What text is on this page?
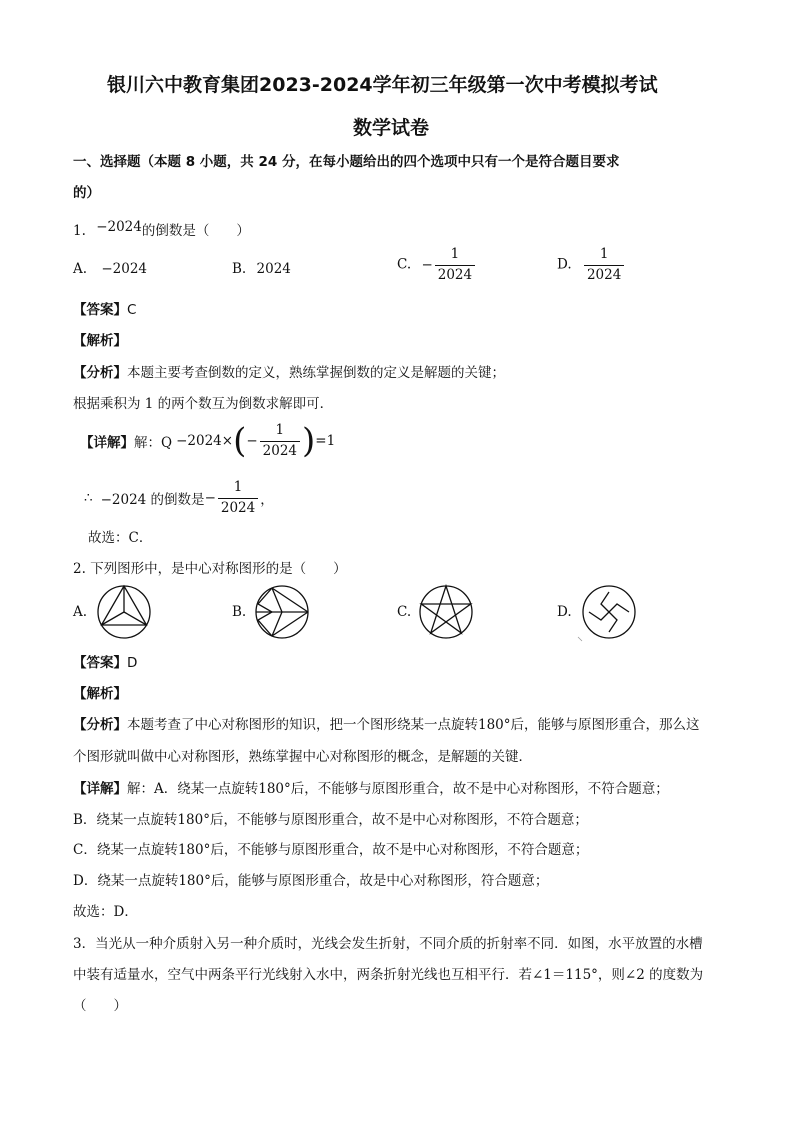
银川六中教育集团2023-2024学年初三年级第一次中考模拟考试
数学试卷
一、选择题（本题 8 小题，共 24 分，在每小题给出的四个选项中只有一个是符合题目要求
的）
1. −2024的倒数是（　　）
A. −2024	B. 2024	C. − $\frac{1}{2024}$	D. $\frac{1}{2024}$
【答案】C
【解析】
【分析】本题主要考查倒数的定义，熟练掌握倒数的定义是解题的关键；
根据乘积为 1 的两个数互为倒数求解即可．
【详解】 解：Q −2024× ( − $\frac{1}{2024}$ ) =1
∴ −2024 的倒数是 − $\frac{1}{2024}$ ，
故选：C．
2. 下列图形中，是中心对称图形的是（　　）
A.	B.	C.	D.
【答案】D
【解析】
【分析】本题考查了中心对称图形的知识，把一个图形绕某一点旋转180°后，能够与原图形重合，那么这
个图形就叫做中心对称图形，熟练掌握中心对称图形的概念，是解题的关键．
【详解】解：A．绕某一点旋转180°后，不能够与原图形重合，故不是中心对称图形，不符合题意；
B．绕某一点旋转180°后，不能够与原图形重合，故不是中心对称图形，不符合题意；
C．绕某一点旋转180°后，不能够与原图形重合，故不是中心对称图形，不符合题意；
D．绕某一点旋转180°后，能够与原图形重合，故是中心对称图形，符合题意；
故选：D．
3．当光从一种介质射入另一种介质时，光线会发生折射，不同介质的折射率不同．如图，水平放置的水槽
中装有适量水，空气中两条平行光线射入水中，两条折射光线也互相平行．若∠1＝115°，则∠2 的度数为
（　　）
